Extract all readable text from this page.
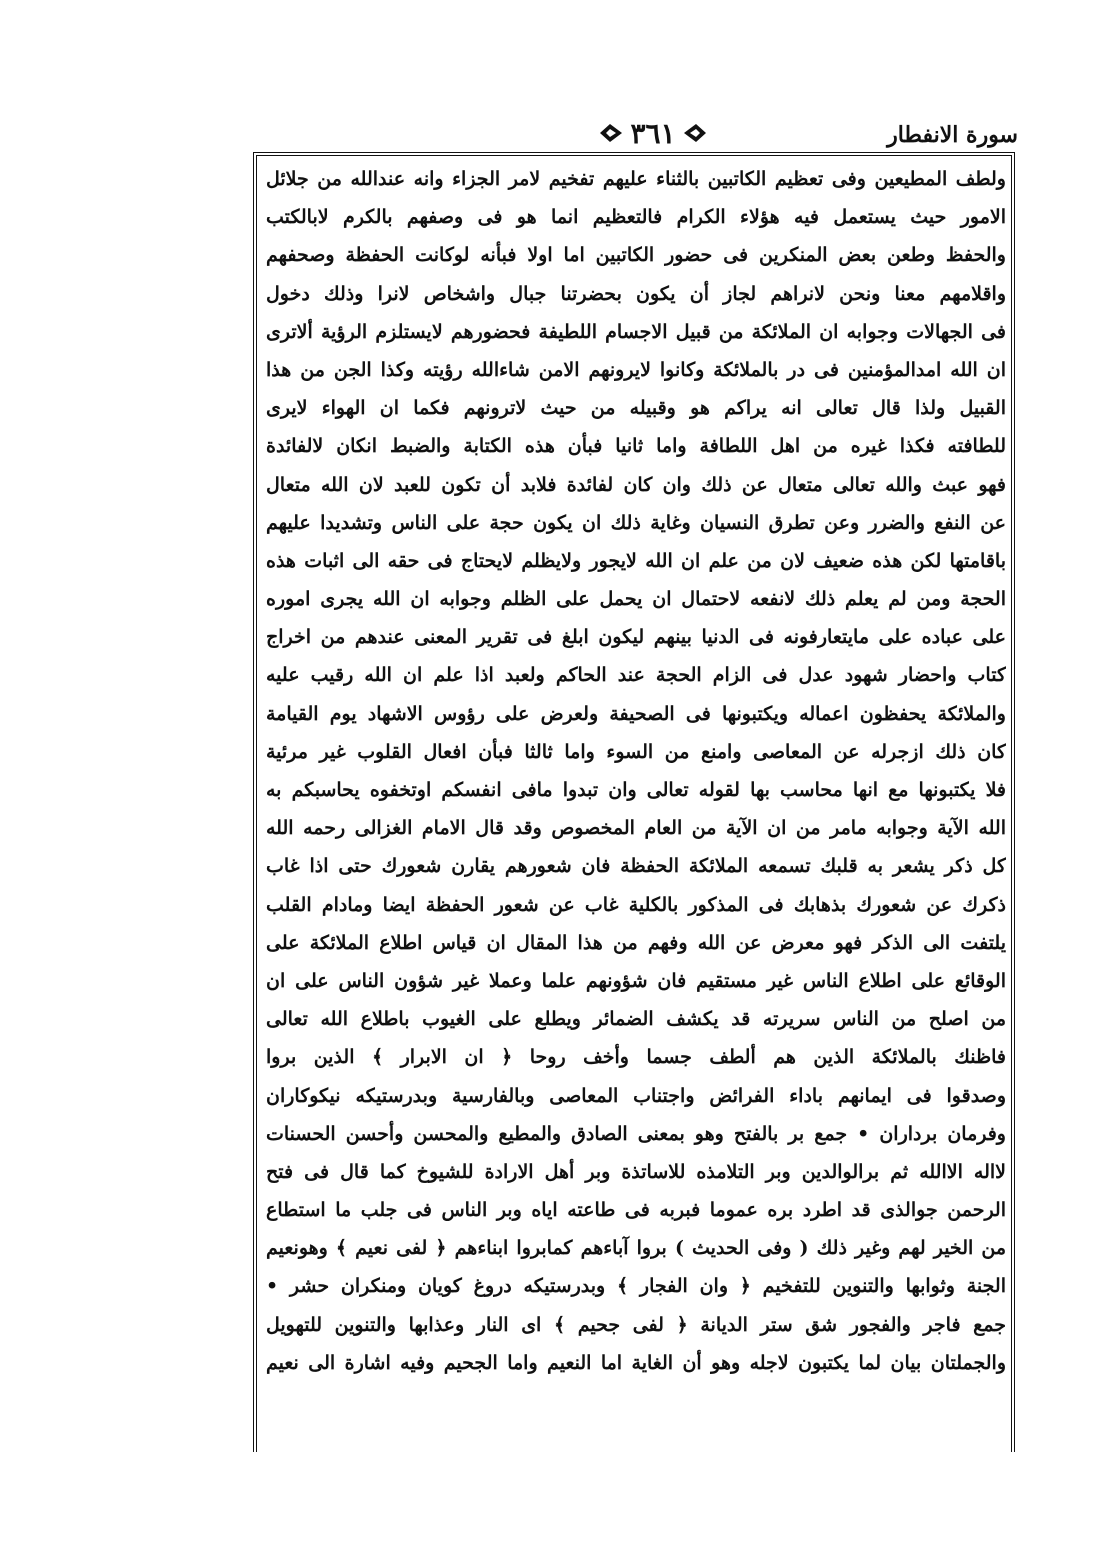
سورة الانفطار
٣٦١
ولطف المطيعين وفى تعظيم الكاتبين بالثناء عليهم تفخيم لامر الجزاء وانه عندالله من جلائل
الامور حيث يستعمل فيه هؤلاء الكرام فالتعظيم انما هو فى وصفهم بالكرم لابالكتب
والحفظ وطعن بعض المنكرين فى حضور الكاتبين اما اولا فبأنه لوكانت الحفظة وصحفهم
واقلامهم معنا ونحن لانراهم لجاز أن يكون بحضرتنا جبال واشخاص لانرا وذلك دخول
فى الجهالات وجوابه ان الملائكة من قبيل الاجسام اللطيفة فحضورهم لايستلزم الرؤية ألاترى
ان الله امدالمؤمنين فى در بالملائكة وكانوا لايرونهم الامن شاءالله رؤيته وكذا الجن من هذا
القبيل ولذا قال تعالى انه يراكم هو وقبيله من حيث لاترونهم فكما ان الهواء لايرى
للطافته فكذا غيره من اهل اللطافة واما ثانيا فبأن هذه الكتابة والضبط انكان لالفائدة
فهو عبث والله تعالى متعال عن ذلك وان كان لفائدة فلابد أن تكون للعبد لان الله متعال
عن النفع والضرر وعن تطرق النسيان وغاية ذلك ان يكون حجة على الناس وتشديدا عليهم
باقامتها لكن هذه ضعيف لان من علم ان الله لايجور ولايظلم لايحتاج فى حقه الى اثبات هذه
الحجة ومن لم يعلم ذلك لانفعه لاحتمال ان يحمل على الظلم وجوابه ان الله يجرى اموره
على عباده على مايتعارفونه فى الدنيا بينهم ليكون ابلغ فى تقرير المعنى عندهم من اخراج
كتاب واحضار شهود عدل فى الزام الحجة عند الحاكم ولعبد اذا علم ان الله رقيب عليه
والملائكة يحفظون اعماله ويكتبونها فى الصحيفة ولعرض على رؤوس الاشهاد يوم القيامة
كان ذلك ازجرله عن المعاصى وامنع من السوء واما ثالثا فبأن افعال القلوب غير مرئية
فلا يكتبونها مع انها محاسب بها لقوله تعالى وان تبدوا مافى انفسكم اوتخفوه يحاسبكم به
الله الآية وجوابه مامر من ان الآية من العام المخصوص وقد قال الامام الغزالى رحمه الله
كل ذكر يشعر به قلبك تسمعه الملائكة الحفظة فان شعورهم يقارن شعورك حتى اذا غاب
ذكرك عن شعورك بذهابك فى المذكور بالكلية غاب عن شعور الحفظة ايضا ومادام القلب
يلتفت الى الذكر فهو معرض عن الله وفهم من هذا المقال ان قياس اطلاع الملائكة على
الوقائع على اطلاع الناس غير مستقيم فان شؤونهم علما وعملا غير شؤون الناس على ان
من اصلح من الناس سريرته قد يكشف الضمائر ويطلع على الغيوب باطلاع الله تعالى
فاظنك بالملائكة الذين هم ألطف جسما وأخف روحا ﴿ ان الابرار ﴾ الذين بروا
وصدقوا فى ايمانهم باداء الفرائض واجتناب المعاصى وبالفارسية وبدرستيكه نيكوكاران
وفرمان برداران • جمع بر بالفتح وهو بمعنى الصادق والمطيع والمحسن وأحسن الحسنات
لااله الاالله ثم برالوالدين وبر التلامذه للاساتذة وبر أهل الارادة للشيوخ كما قال فى فتح
الرحمن جوالذى قد اطرد بره عموما فبربه فى طاعته اياه وبر الناس فى جلب ما استطاع
من الخير لهم وغير ذلك ( وفى الحديث ) بروا آباءهم كمابروا ابناءهم ﴿ لفى نعيم ﴾ وهونعيم
الجنة وثوابها والتنوين للتفخيم ﴿ وان الفجار ﴾ وبدرستيكه دروغ كويان ومنكران حشر •
جمع فاجر والفجور شق ستر الديانة ﴿ لفى جحيم ﴾ اى النار وعذابها والتنوين للتهويل
والجملتان بيان لما يكتبون لاجله وهو أن الغاية اما النعيم واما الجحيم وفيه اشارة الى نعيم
